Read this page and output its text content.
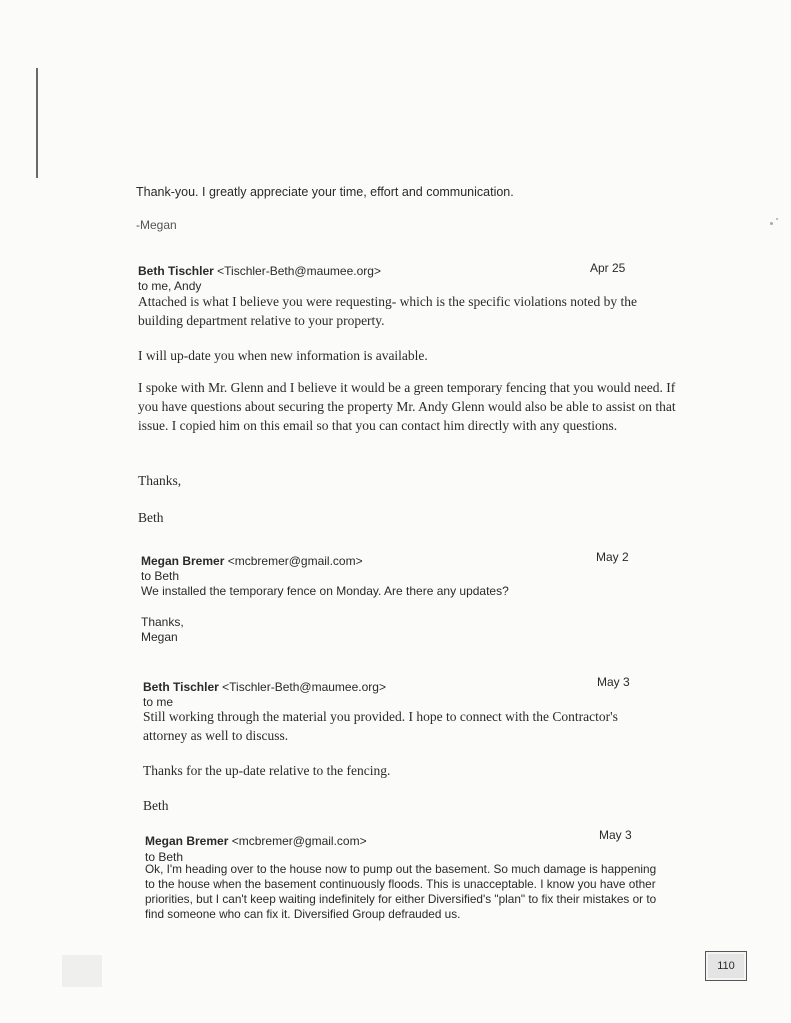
Thank-you. I greatly appreciate your time, effort and communication.
-Megan
Beth Tischler <Tischler-Beth@maumee.org>	Apr 25
to me, Andy
Attached is what I believe you were requesting- which is the specific violations noted by the building department relative to your property.
I will up-date you when new information is available.
I spoke with Mr. Glenn and I believe it would be a green temporary fencing that you would need. If you have questions about securing the property Mr. Andy Glenn would also be able to assist on that issue. I copied him on this email so that you can contact him directly with any questions.
Thanks,
Beth
Megan Bremer <mcbremer@gmail.com>	May 2
to Beth
We installed the temporary fence on Monday. Are there any updates?
Thanks,
Megan
Beth Tischler <Tischler-Beth@maumee.org>	May 3
to me
Still working through the material you provided. I hope to connect with the Contractor's attorney as well to discuss.
Thanks for the up-date relative to the fencing.
Beth
Megan Bremer <mcbremer@gmail.com>	May 3
to Beth
Ok, I'm heading over to the house now to pump out the basement. So much damage is happening to the house when the basement continuously floods. This is unacceptable. I know you have other priorities, but I can't keep waiting indefinitely for either Diversified's "plan" to fix their mistakes or to find someone who can fix it. Diversified Group defrauded us.
110
